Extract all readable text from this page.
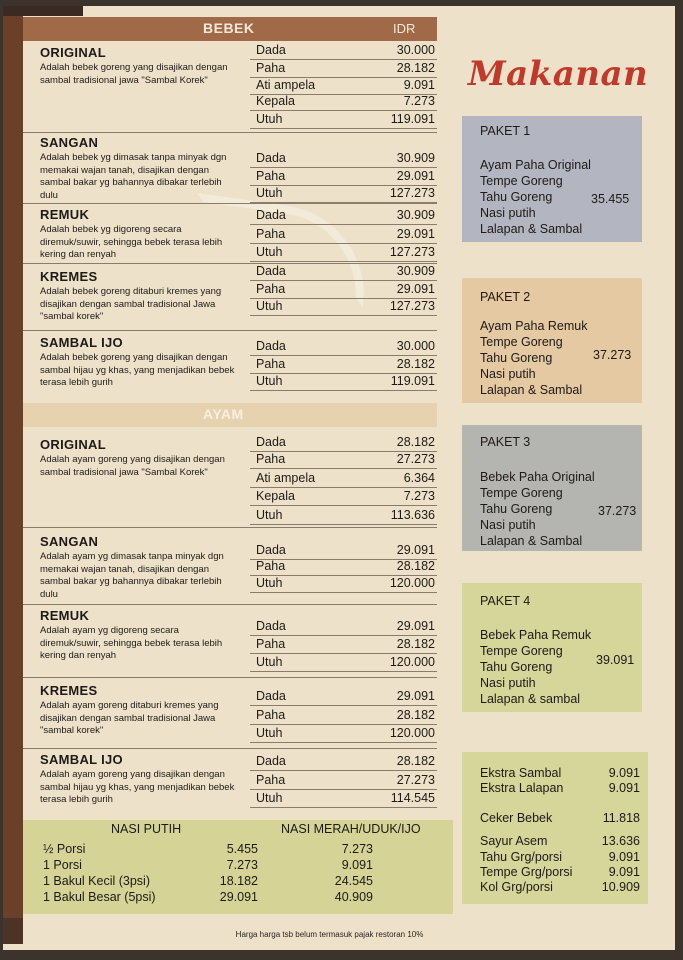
BEBEK	IDR
ORIGINAL
Adalah bebek goreng yang disajikan dengan sambal tradisional jawa "Sambal Korek"
Dada	30.000
Paha	28.182
Ati ampela	9.091
Kepala	7.273
Utuh	119.091
SANGAN
Adalah bebek yg dimasak tanpa minyak dgn memakai wajan tanah, disajikan dengan sambal bakar yg bahannya dibakar terlebih dulu
Dada	30.909
Paha	29.091
Utuh	127.273
REMUK
Adalah bebek yg digoreng secara diremuk/suwir, sehingga bebek terasa lebih kering dan renyah
Dada	30.909
Paha	29.091
Utuh	127.273
KREMES
Adalah bebek goreng ditaburi kremes yang disajikan dengan sambal tradisional Jawa "sambal korek"
Dada	30.909
Paha	29.091
Utuh	127.273
SAMBAL IJO
Adalah bebek goreng yang disajikan dengan sambal hijau yg khas, yang menjadikan bebek terasa lebih gurih
Dada	30.000
Paha	28.182
Utuh	119.091
AYAM
ORIGINAL
Adalah ayam goreng yang disajikan dengan sambal tradisional jawa "Sambal Korek"
Dada	28.182
Paha	27.273
Ati ampela	6.364
Kepala	7.273
Utuh	113.636
SANGAN
Adalah ayam yg dimasak tanpa minyak dgn memakai wajan tanah, disajikan dengan sambal bakar yg bahannya dibakar terlebih dulu
Dada	29.091
Paha	28.182
Utuh	120.000
REMUK
Adalah ayam yg digoreng secara diremuk/suwir, sehingga bebek terasa lebih kering dan renyah
Dada	29.091
Paha	28.182
Utuh	120.000
KREMES
Adalah ayam goreng ditaburi kremes yang disajikan dengan sambal tradisional Jawa "sambal korek"
Dada	29.091
Paha	28.182
Utuh	120.000
SAMBAL IJO
Adalah ayam goreng yang disajikan dengan sambal hijau yg khas, yang menjadikan bebek terasa lebih gurih
Dada	28.182
Paha	27.273
Utuh	114.545
NASI PUTIH	NASI MERAH/UDUK/IJO
½ Porsi	5.455	7.273
1 Porsi	7.273	9.091
1 Bakul Kecil (3psi)	18.182	24.545
1 Bakul Besar (5psi)	29.091	40.909
Makanan
PAKET 1
Ayam Paha Original
Tempe Goreng
Tahu Goreng
Nasi putih
Lalapan & Sambal
35.455
PAKET 2
Ayam Paha Remuk
Tempe Goreng
Tahu Goreng
Nasi putih
Lalapan & Sambal
37.273
PAKET 3
Bebek Paha Original
Tempe Goreng
Tahu Goreng
Nasi putih
Lalapan & Sambal
37.273
PAKET 4
Bebek Paha Remuk
Tempe Goreng
Tahu Goreng
Nasi putih
Lalapan & sambal
39.091
Ekstra Sambal	9.091
Ekstra Lalapan	9.091
Ceker Bebek	11.818
Sayur Asem	13.636
Tahu Grg/porsi	9.091
Tempe Grg/porsi	9.091
Kol Grg/porsi	10.909
Harga harga tsb belum termasuk pajak restoran 10%
